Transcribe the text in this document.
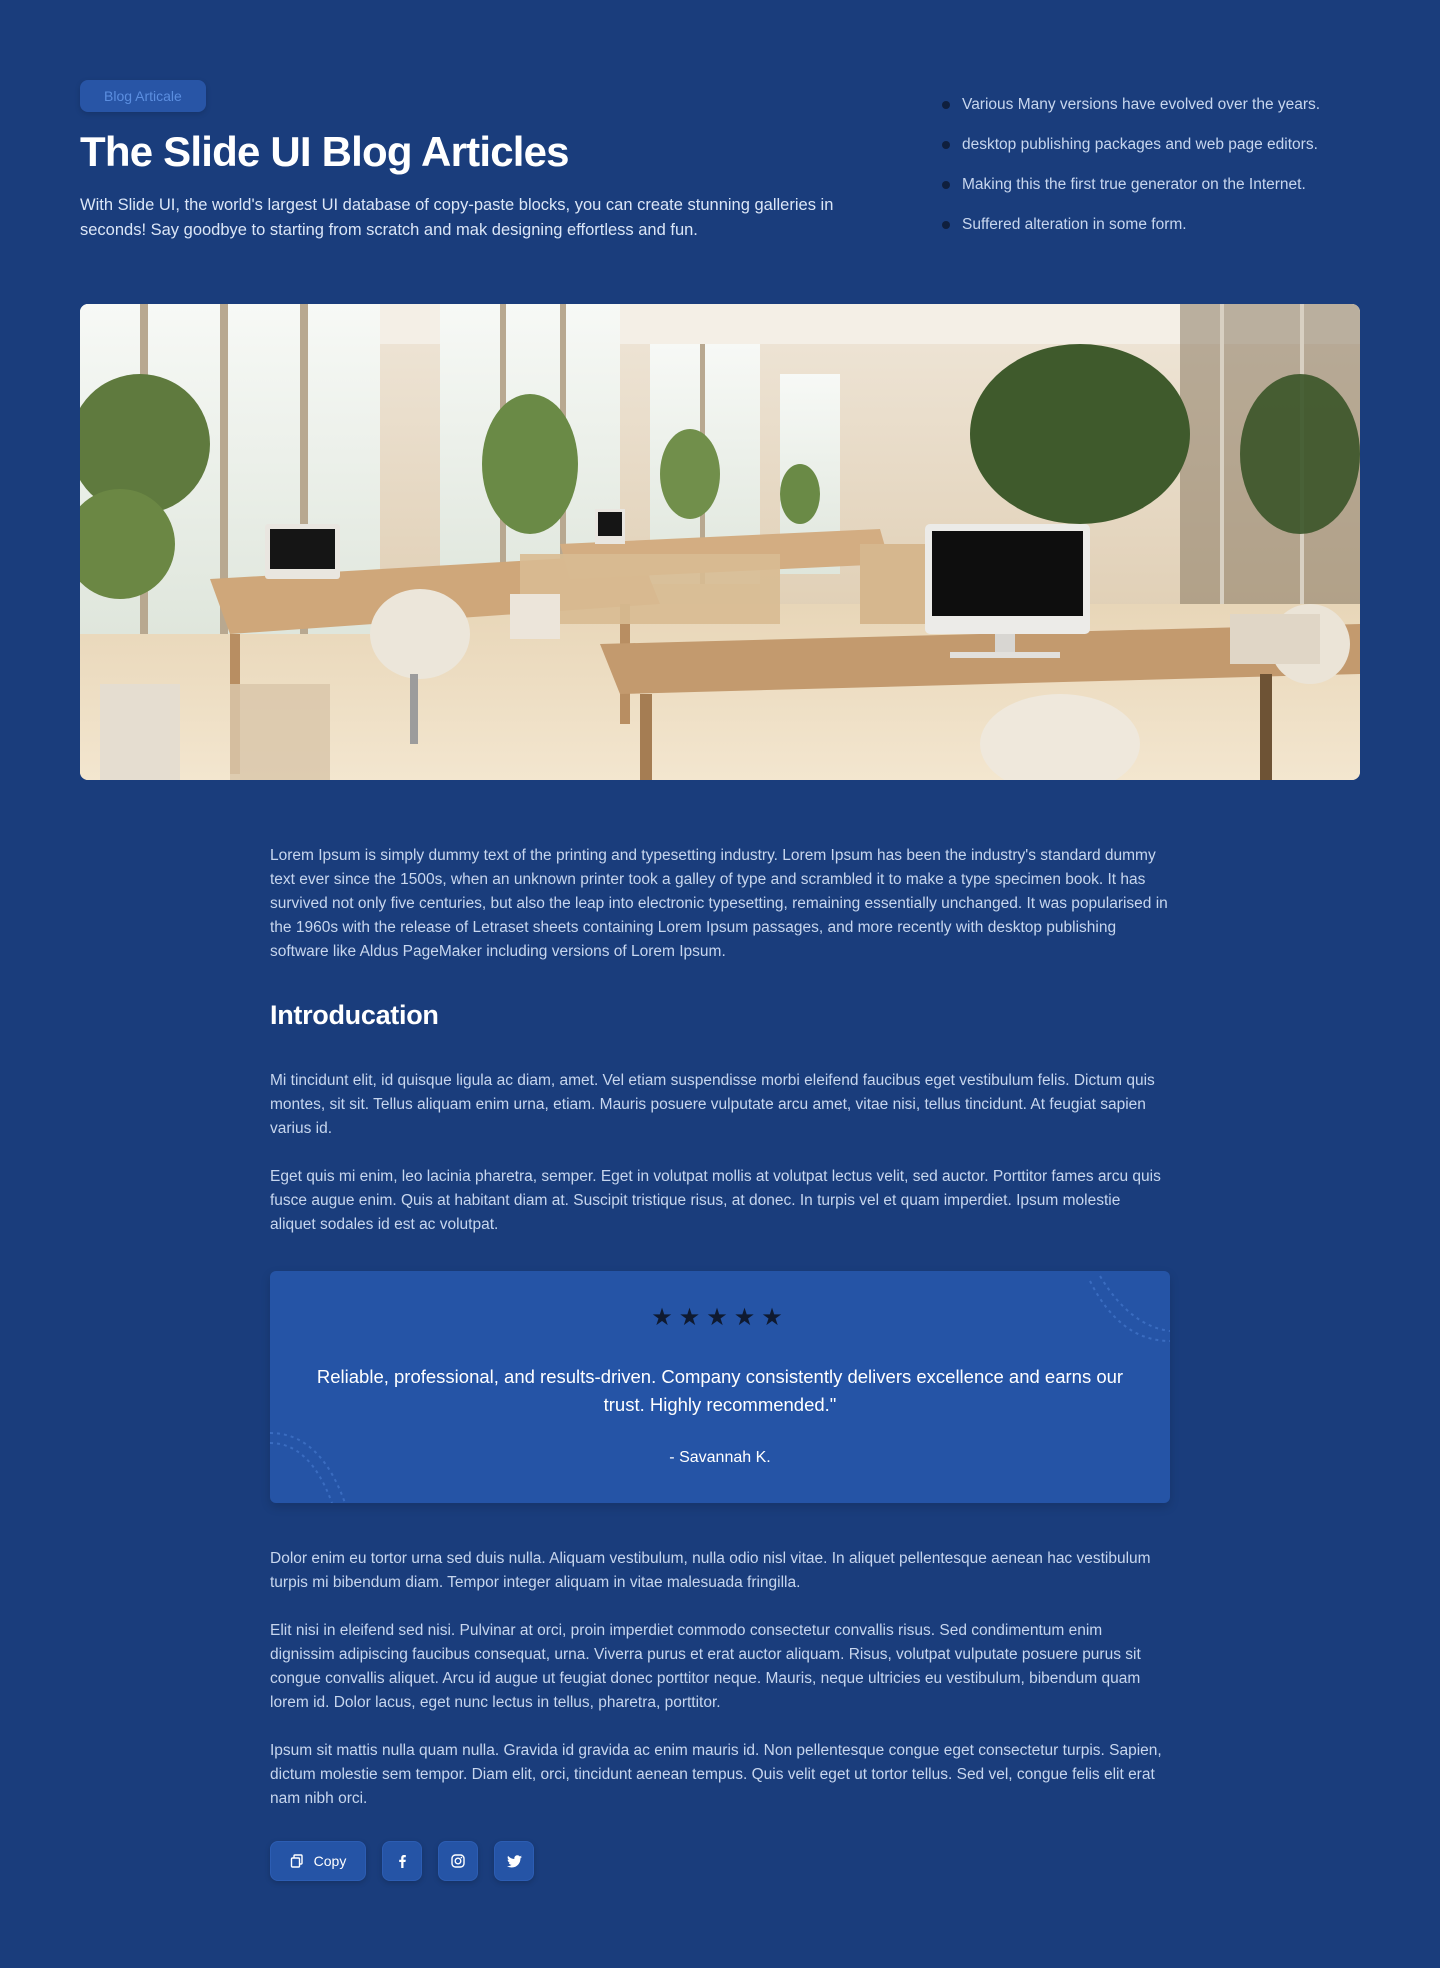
Blog Articale
The Slide UI Blog Articles

With Slide UI, the world's largest UI database of copy-paste blocks, you can create stunning galleries in seconds! Say goodbye to starting from scratch and mak designing effortless and fun.

Various Many versions have evolved over the years.
desktop publishing packages and web page editors.
Making this the first true generator on the Internet.
Suffered alteration in some form.

Lorem Ipsum is simply dummy text of the printing and typesetting industry. Lorem Ipsum has been the industry's standard dummy text ever since the 1500s, when an unknown printer took a galley of type and scrambled it to make a type specimen book. It has survived not only five centuries, but also the leap into electronic typesetting, remaining essentially unchanged. It was popularised in the 1960s with the release of Letraset sheets containing Lorem Ipsum passages, and more recently with desktop publishing software like Aldus PageMaker including versions of Lorem Ipsum.

Introducation

Mi tincidunt elit, id quisque ligula ac diam, amet. Vel etiam suspendisse morbi eleifend faucibus eget vestibulum felis. Dictum quis montes, sit sit. Tellus aliquam enim urna, etiam. Mauris posuere vulputate arcu amet, vitae nisi, tellus tincidunt. At feugiat sapien varius id.

Eget quis mi enim, leo lacinia pharetra, semper. Eget in volutpat mollis at volutpat lectus velit, sed auctor. Porttitor fames arcu quis fusce augue enim. Quis at habitant diam at. Suscipit tristique risus, at donec. In turpis vel et quam imperdiet. Ipsum molestie aliquet sodales id est ac volutpat.

★★★★★

Reliable, professional, and results-driven. Company consistently delivers excellence and earns our trust. Highly recommended."

- Savannah K.

Dolor enim eu tortor urna sed duis nulla. Aliquam vestibulum, nulla odio nisl vitae. In aliquet pellentesque aenean hac vestibulum turpis mi bibendum diam. Tempor integer aliquam in vitae malesuada fringilla.

Elit nisi in eleifend sed nisi. Pulvinar at orci, proin imperdiet commodo consectetur convallis risus. Sed condimentum enim dignissim adipiscing faucibus consequat, urna. Viverra purus et erat auctor aliquam. Risus, volutpat vulputate posuere purus sit congue convallis aliquet. Arcu id augue ut feugiat donec porttitor neque. Mauris, neque ultricies eu vestibulum, bibendum quam lorem id. Dolor lacus, eget nunc lectus in tellus, pharetra, porttitor.

Ipsum sit mattis nulla quam nulla. Gravida id gravida ac enim mauris id. Non pellentesque congue eget consectetur turpis. Sapien, dictum molestie sem tempor. Diam elit, orci, tincidunt aenean tempus. Quis velit eget ut tortor tellus. Sed vel, congue felis elit erat nam nibh orci.

Copy
